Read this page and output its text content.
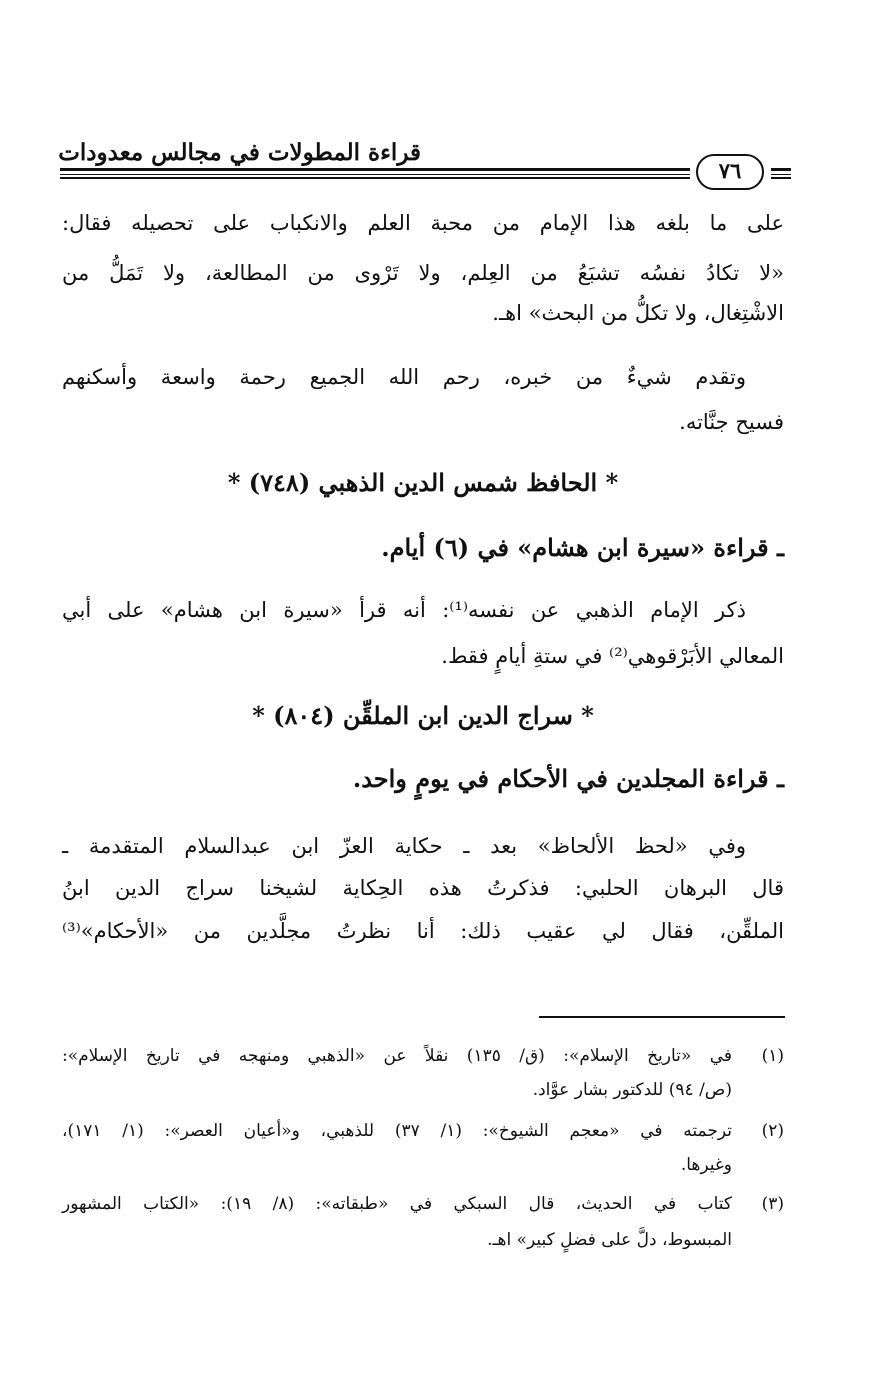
قراءة المطولات في مجالس معدودات
٧٦
على ما بلغه هذا الإمام من محبة العلم والانكباب على تحصيله فقال:
«لا تكادُ نفسُه تشبَعُ من العِلم، ولا تَرْوى من المطالعة، ولا تَمَلُّ من
الاشْتِغال، ولا تكلُّ من البحث» اهـ.
وتقدم شيءٌ من خبره، رحم الله الجميع رحمة واسعة وأسكنهم
فسيح جنَّاته.
* الحافظ شمس الدين الذهبي (٧٤٨) *
ـ قراءة «سيرة ابن هشام» في (٦) أيام.
ذكر الإمام الذهبي عن نفسه⁽¹⁾: أنه قرأ «سيرة ابن هشام» على أبي
المعالي الأبَرْقوهي⁽²⁾ في ستةِ أيامٍ فقط.
* سراج الدين ابن الملقِّن (٨٠٤) *
ـ قراءة المجلدين في الأحكام في يومٍ واحد.
وفي «لحظ الألحاظ» بعد ـ حكاية العزّ ابن عبدالسلام المتقدمة ـ
قال البرهان الحلبي: فذكرتُ هذه الحِكاية لشيخنا سراج الدين ابنُ
الملقِّن، فقال لي عقيب ذلك: أنا نظرتُ مجلَّدين من «الأحكام»⁽³⁾
(١)
في «تاريخ الإسلام»: (ق/ ١٣٥) نقلاً عن «الذهبي ومنهجه في تاريخ الإسلام»:
(ص/ ٩٤) للدكتور بشار عوَّاد.
(٢)
ترجمته في «معجم الشيوخ»: (١/ ٣٧) للذهبي، و«أعيان العصر»: (١/ ١٧١)،
وغيرها.
(٣)
كتاب في الحديث، قال السبكي في «طبقاته»: (٨/ ١٩): «الكتاب المشهور
المبسوط، دلَّ على فضلٍ كبير» اهـ.
